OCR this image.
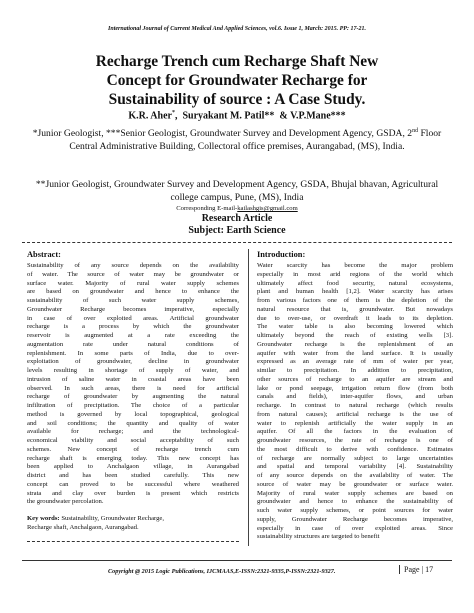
International Journal of Current Medical And Applied Sciences, vol.6. Issue 1, March: 2015. PP: 17-21.
Recharge Trench cum Recharge Shaft New
Concept for Groundwater Recharge for
Sustainability of source : A Case Study.
K.R. Aher*,  Suryakant M. Patil**  & V.P.Mane***
*Junior Geologist, ***Senior Geologist, Groundwater Survey and Development Agency, GSDA, 2nd Floor Central Administrative Building, Collectoral office premises, Aurangabad, (MS), India.
**Junior Geologist, Groundwater Survey and Development Agency, GSDA, Bhujal bhavan, Agricultural college campus, Pune, (MS), India
Corresponding E-mail-kailashgis@gmail.com
Research Article
Subject: Earth Science
Abstract:	Introduction:
Sustainability of any source depends on the availability
of water. The source of water may be groundwater or
surface water. Majority of rural water supply schemes
are based on groundwater and hence to enhance the
sustainability of such water supply schemes,
Groundwater Recharge becomes imperative, especially
in case of over exploited areas. Artificial groundwater
recharge is a process by which the groundwater
reservoir is augmented at a rate exceeding the
augmentation rate under natural conditions of
replenishment. In some parts of India, due to over-
exploitation of groundwater, decline in groundwater
levels resulting in shortage of supply of water, and
intrusion of saline water in coastal areas have been
observed. In such areas, there is need for artificial
recharge of groundwater by augmenting the natural
infiltration of precipitation. The choice of a particular
method is governed by local topographical, geological
and soil conditions; the quantity and quality of water
available for recharge; and the technological-
economical viability and social acceptability of such
schemes. New concept of recharge trench cum
recharge shaft is emerging today. This new concept has
been applied to Anchalgaon village, in Aurangabad
district and has been studied carefully. This new
concept can proved to be successful where weathered
strata and clay over burden is present which restricts
the groundwater percolation.
Key words: Sustainability, Groundwater Recharge,
Recharge shaft, Anchalgaon, Aurangabad.
Water scarcity has become the major problem
especially in most arid regions of the world which
ultimately affect food security, natural ecosystems,
plant and human health [1,2]. Water scarcity has arises
from various factors one of them is the depletion of the
natural resource that is, groundwater. But nowadays
due to over-use, or overdraft it leads to its depletion.
The water table is also becoming lowered which
ultimately beyond the reach of existing wells [3].
Groundwater recharge is the replenishment of an
aquifer with water from the land surface. It is usually
expressed as an average rate of mm of water per year,
similar to precipitation. In addition to precipitation,
other sources of recharge to an aquifer are stream and
lake or pond seepage, irrigation return flow (from both
canals and fields), inter-aquifer flows, and urban
recharge. In contrast to natural recharge (which results
from natural causes); artificial recharge is the use of
water to replenish artificially the water supply in an
aquifer. Of all the factors in the evaluation of
groundwater resources, the rate of recharge is one of
the most difficult to derive with confidence. Estimates
of recharge are normally subject to large uncertainties
and spatial and temporal variability [4]. Sustainability
of any source depends on the availability of water. The
source of water may be groundwater or surface water.
Majority of rural water supply schemes are based on
groundwater and hence to enhance the sustainability of
such water supply schemes, or point sources for water
supply, Groundwater Recharge becomes imperative,
especially in case of over exploited areas. Since
sustainability structures are targeted to benefit
Copyright @ 2015 Logic Publications, IJCMAAS,E-ISSN:2321-9335,P-ISSN:2321-9327.	Page | 17
